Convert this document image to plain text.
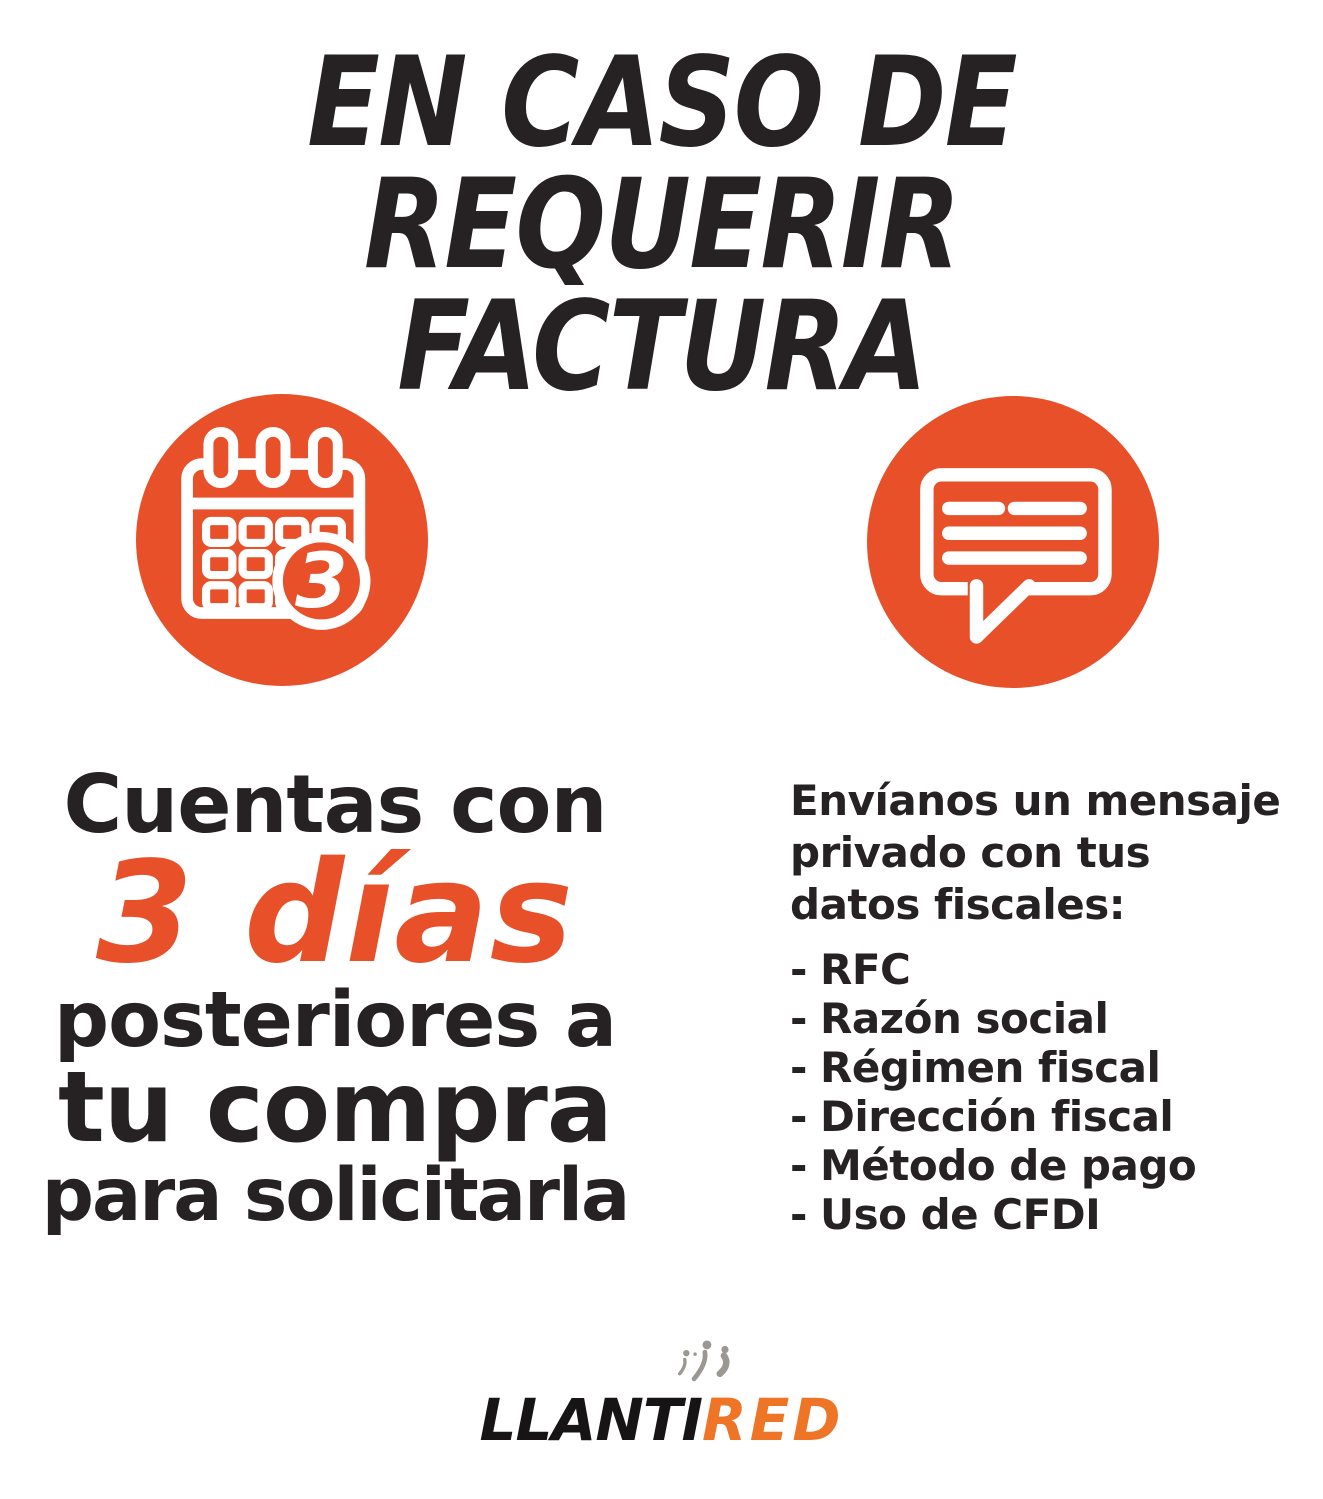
EN CASO DE
REQUERIR FACTURA
3
Cuentas con
3 días
posteriores a
tu compra
para solicitarla
Envíanos un mensaje
privado con tus
datos fiscales:
- RFC
- Razón social
- Régimen fiscal
- Dirección fiscal
- Método de pago
- Uso de CFDI
LLANTIRED
